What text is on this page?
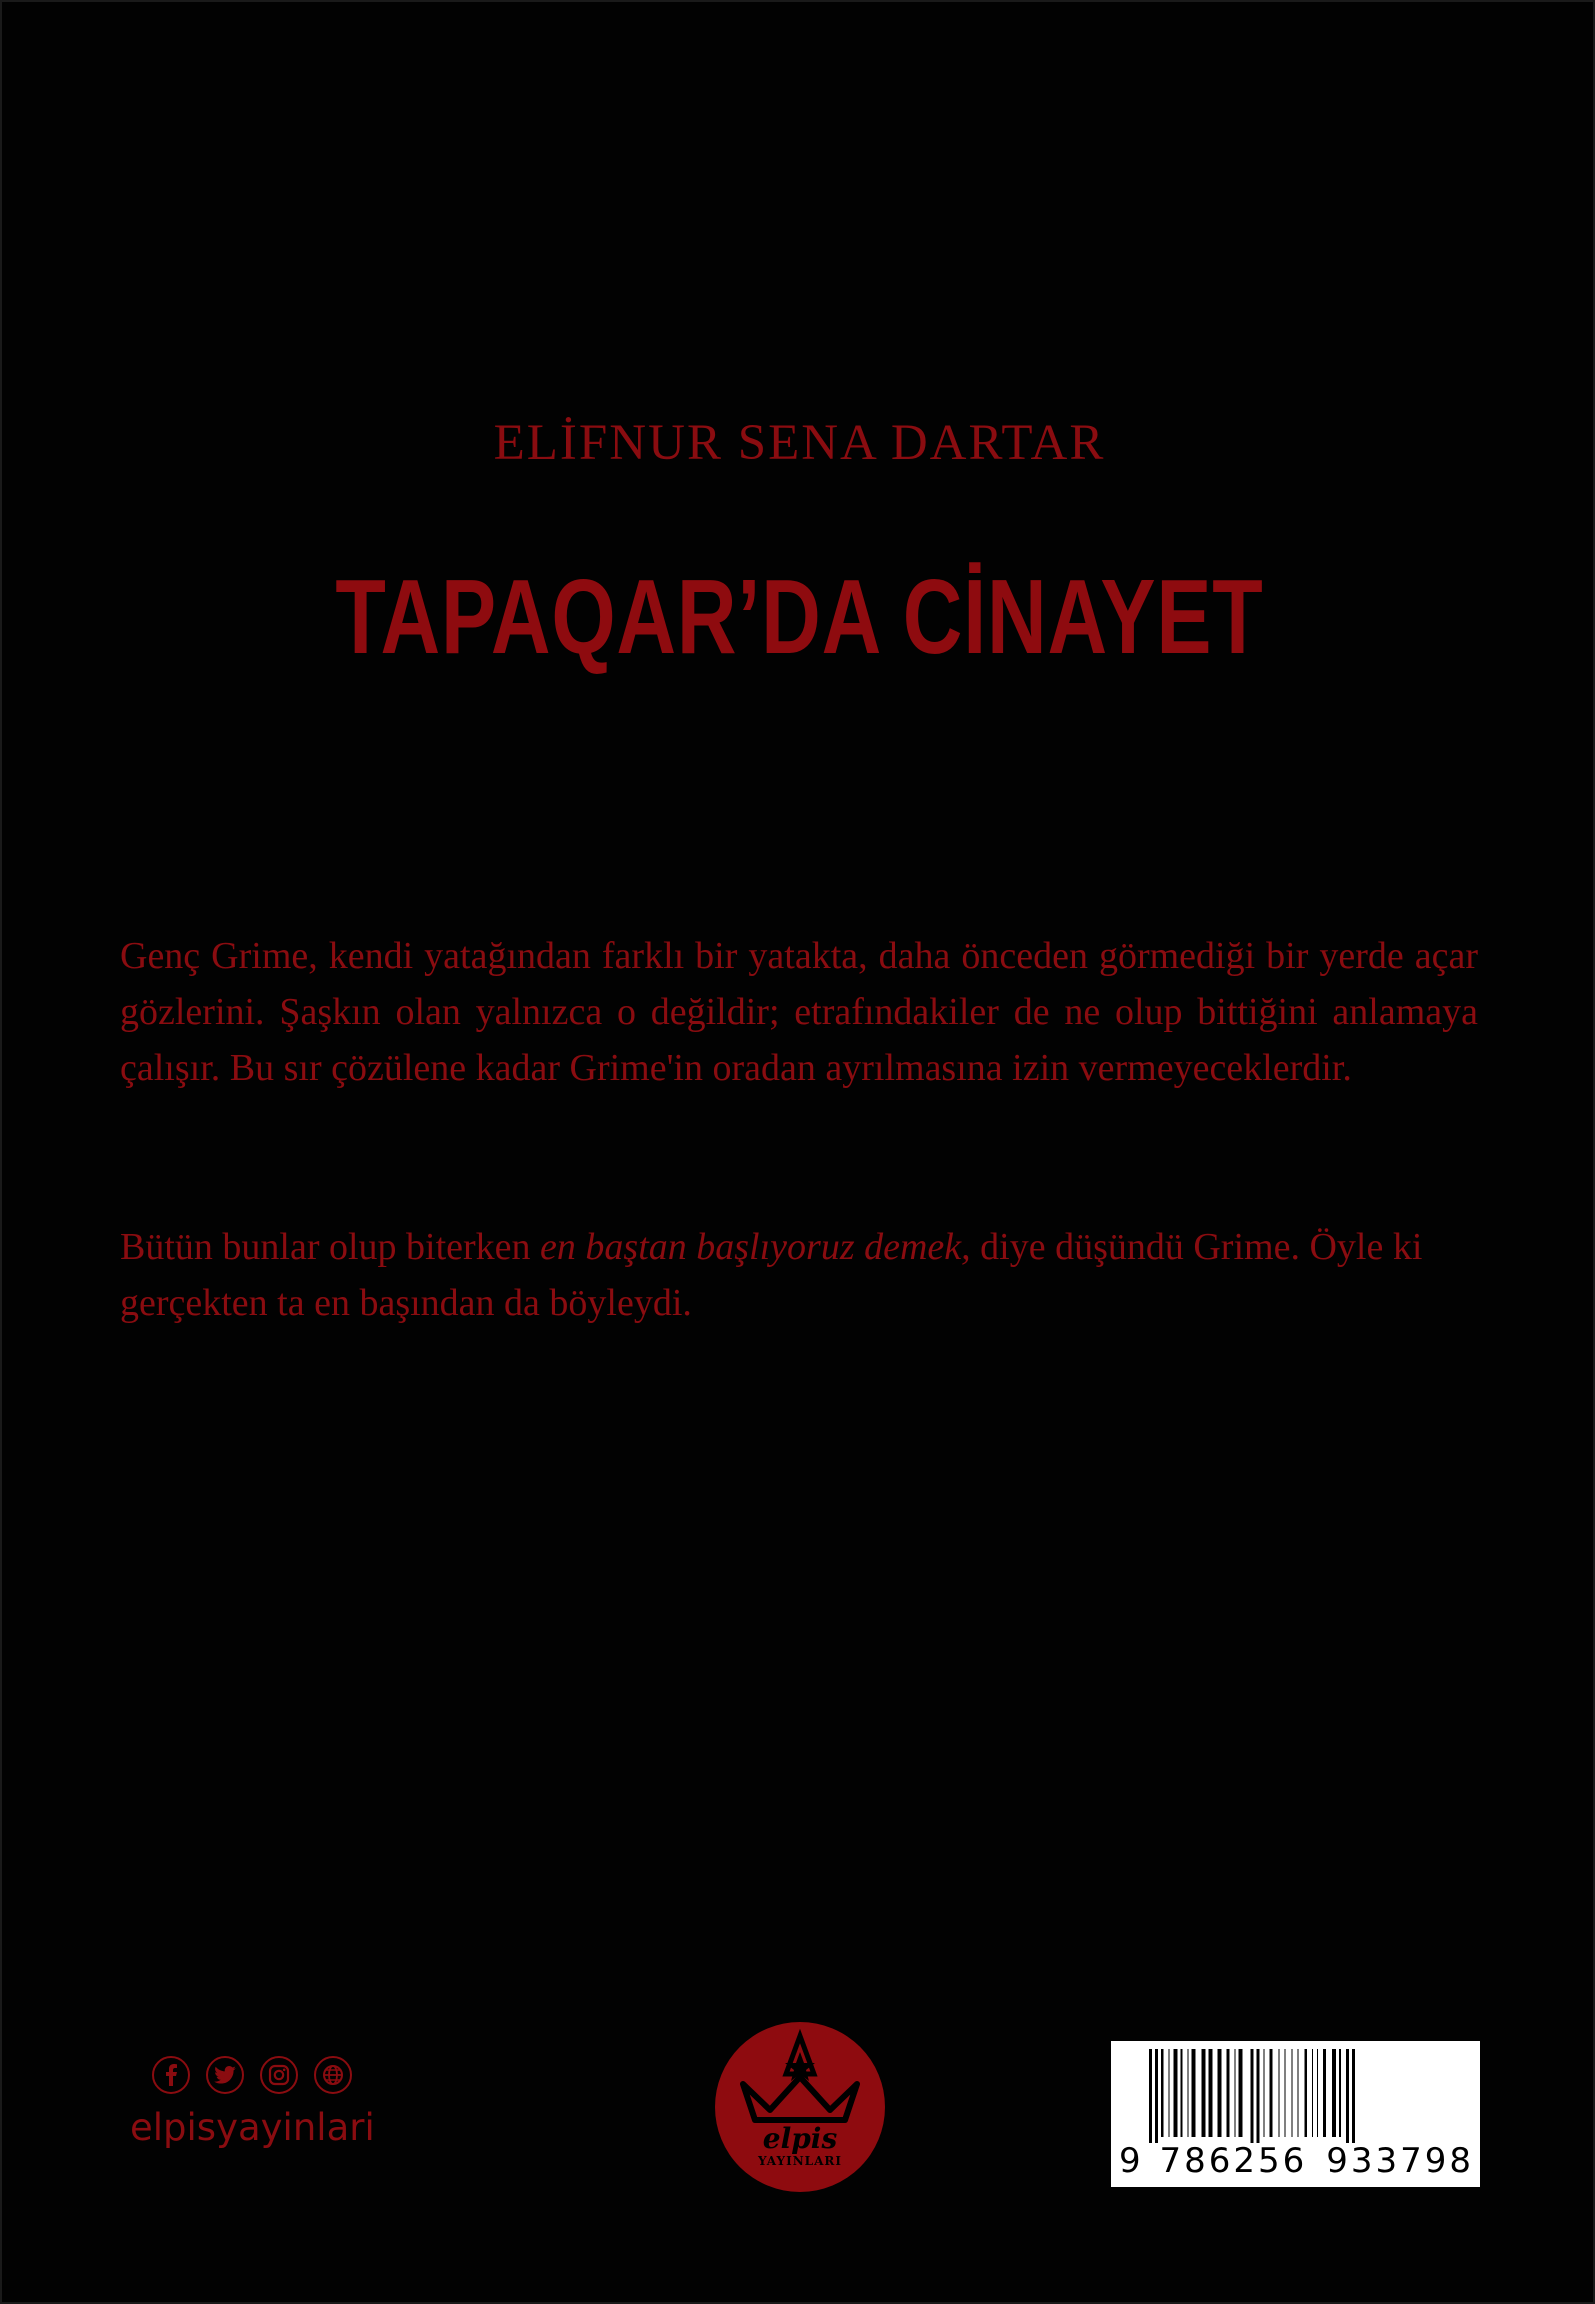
ELİFNUR SENA DARTAR
TAPAQAR’DA CİNAYET
Genç Grime, kendi yatağından farklı bir yatakta, daha önceden görmediği bir yerde açar gözlerini. Şaşkın olan yalnızca o değildir; etrafındakiler de ne olup bittiğini anlamaya çalışır. Bu sır çözülene kadar Grime'in oradan ayrılmasına izin vermeyeceklerdir.
Bütün bunlar olup biterken en baştan başlıyoruz demek, diye düşündü Grime. Öyle ki gerçekten ta en başından da böyleydi.
elpisyayinlari	elpis
YAYINLARI	9 786256 933798
